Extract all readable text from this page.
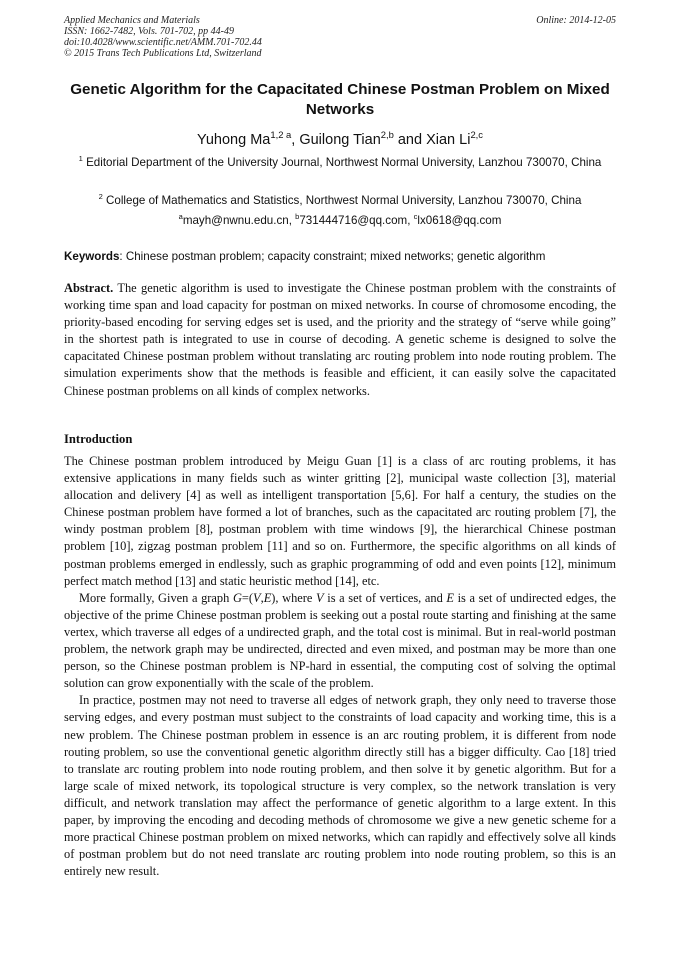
Applied Mechanics and Materials
ISSN: 1662-7482, Vols. 701-702, pp 44-49
doi:10.4028/www.scientific.net/AMM.701-702.44
© 2015 Trans Tech Publications Ltd, Switzerland
Online: 2014-12-05
Genetic Algorithm for the Capacitated Chinese Postman Problem on Mixed Networks
Yuhong $Ma^{1,2 a}$, Guilong Tian$^{2,b}$ and Xian Li$^{2,c}$
$^1$ Editorial Department of the University Journal, Northwest Normal University, Lanzhou 730070, China
$^2$ College of Mathematics and Statistics, Northwest Normal University, Lanzhou 730070, China
$^a$mayh@nwnu.edu.cn, $^b$731444716@qq.com, $^c$lx0618@qq.com
Keywords: Chinese postman problem; capacity constraint; mixed networks; genetic algorithm
Abstract. The genetic algorithm is used to investigate the Chinese postman problem with the constraints of working time span and load capacity for postman on mixed networks. In course of chromosome encoding, the priority-based encoding for serving edges set is used, and the priority and the strategy of “serve while going” in the shortest path is integrated to use in course of decoding. A genetic scheme is designed to solve the capacitated Chinese postman problem without translating arc routing problem into node routing problem. The simulation experiments show that the methods is feasible and efficient, it can easily solve the capacitated Chinese postman problems on all kinds of complex networks.
Introduction

The Chinese postman problem introduced by Meigu Guan [1] is a class of arc routing problems, it has extensive applications in many fields such as winter gritting [2], municipal waste collection [3], material allocation and delivery [4] as well as intelligent transportation [5,6]. For half a century, the studies on the Chinese postman problem have formed a lot of branches, such as the capacitated arc routing problem [7], the windy postman problem [8], postman problem with time windows [9], the hierarchical Chinese postman problem [10], zigzag postman problem [11] and so on. Furthermore, the specific algorithms on all kinds of postman problems emerged in endlessly, such as graphic programming of odd and even points [12], minimum perfect match method [13] and static heuristic method [14], etc.

More formally, Given a graph G=(V,E), where V is a set of vertices, and E is a set of undirected edges, the objective of the prime Chinese postman problem is seeking out a postal route starting and finishing at the same vertex, which traverse all edges of a undirected graph, and the total cost is minimal. But in real-world postman problem, the network graph may be undirected, directed and even mixed, and postman may be more than one person, so the Chinese postman problem is NP-hard in essential, the computing cost of solving the optimal solution can grow exponentially with the scale of the problem.

In practice, postmen may not need to traverse all edges of network graph, they only need to traverse those serving edges, and every postman must subject to the constraints of load capacity and working time, this is a new problem. The Chinese postman problem in essence is an arc routing problem, it is different from node routing problem, so use the conventional genetic algorithm directly still has a bigger difficulty. Cao [18] tried to translate arc routing problem into node routing problem, and then solve it by genetic algorithm. But for a large scale of mixed network, its topological structure is very complex, so the network translation is very difficult, and network translation may affect the performance of genetic algorithm to a large extent. In this paper, by improving the encoding and decoding methods of chromosome we give a new genetic scheme for a more practical Chinese postman problem on mixed networks, which can rapidly and effectively solve all kinds of postman problem but do not need translate arc routing problem into node routing problem, so this is an entirely new result.
